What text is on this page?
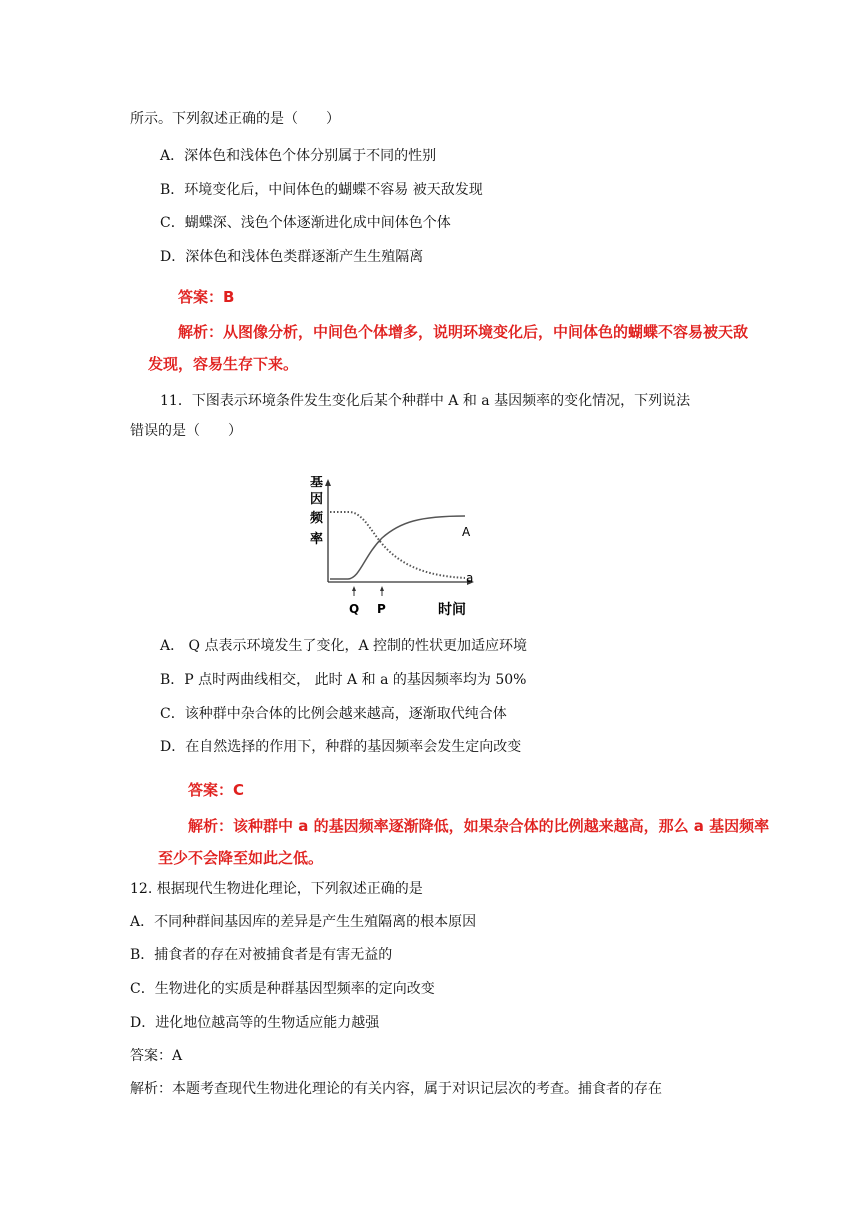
所示。下列叙述正确的是（　　）
A．深体色和浅体色个体分别属于不同的性别
B．环境变化后，中间体色的蝴蝶不容易 被天敌发现
C．蝴蝶深、浅色个体逐渐进化成中间体色个体
D．深体色和浅体色类群逐渐产生生殖隔离
答案：B
解析：从图像分析，中间色个体增多，说明环境变化后，中间体色的蝴蝶不容易被天敌
发现，容易生存下来。
11．下图表示环境条件发生变化后某个种群中 A 和 a 基因频率的变化情况，下列说法
错误的是（　　）
基
因
频
率	A
a
Q P	时间
A． Q 点表示环境发生了变化，A 控制的性状更加适应环境
B．P 点时两曲线相交， 此时 A 和 a 的基因频率均为 50%
C．该种群中杂合体的比例会越来越高，逐渐取代纯合体
D．在自然选择的作用下，种群的基因频率会发生定向改变
答案：C
解析：该种群中 a 的基因频率逐渐降低，如果杂合体的比例越来越高，那么 a 基因频率
至少不会降至如此之低。
12. 根据现代生物进化理论，下列叙述正确的是
A．不同种群间基因库的差异是产生生殖隔离的根本原因
B．捕食者的存在对被捕食者是有害无益的
C．生物进化的实质是种群基因型频率的定向改变
D．进化地位越高等的生物适应能力越强
答案：A
解析：本题考查现代生物进化理论的有关内容，属于对识记层次的考查。捕食者的存在
